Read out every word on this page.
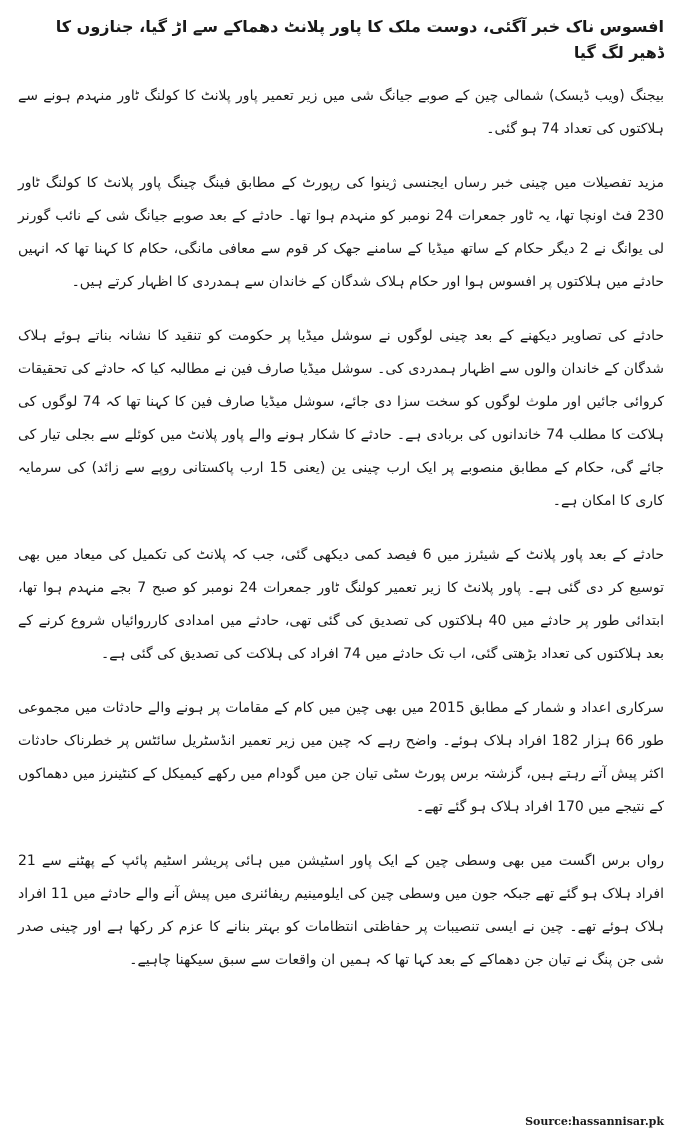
افسوس ناک خبر آگئی، دوست ملک کا پاور پلانٹ دھماکے سے اڑ گیا، جنازوں کا ڈھیر لگ گیا

بیجنگ (ویب ڈیسک) شمالی چین کے صوبے جیانگ شی میں زیر تعمیر پاور پلانٹ کا کولنگ ٹاور منہدم ہونے سے ہلاکتوں کی تعداد 74 ہو گئی۔

مزید تفصیلات میں چینی خبر رساں ایجنسی ژینوا کی رپورٹ کے مطابق فینگ چینگ پاور پلانٹ کا کولنگ ٹاور 230 فٹ اونچا تھا، یہ ٹاور جمعرات 24 نومبر کو منہدم ہوا تھا۔ حادثے کے بعد صوبے جیانگ شی کے نائب گورنر لی یوانگ نے 2 دیگر حکام کے ساتھ میڈیا کے سامنے جھک کر قوم سے معافی مانگی، حکام کا کہنا تھا کہ انہیں حادثے میں ہلاکتوں پر افسوس ہوا اور حکام ہلاک شدگان کے خاندان سے ہمدردی کا اظہار کرتے ہیں۔

حادثے کی تصاویر دیکھنے کے بعد چینی لوگوں نے سوشل میڈیا پر حکومت کو تنقید کا نشانہ بناتے ہوئے ہلاک شدگان کے خاندان والوں سے اظہار ہمدردی کی۔ سوشل میڈیا صارف فین نے مطالبہ کیا کہ حادثے کی تحقیقات کروائی جائیں اور ملوث لوگوں کو سخت سزا دی جائے، سوشل میڈیا صارف فین کا کہنا تھا کہ 74 لوگوں کی ہلاکت کا مطلب 74 خاندانوں کی بربادی ہے۔ حادثے کا شکار ہونے والے پاور پلانٹ میں کوئلے سے بجلی تیار کی جائے گی، حکام کے مطابق منصوبے پر ایک ارب چینی ین (یعنی 15 ارب پاکستانی روپے سے زائد) کی سرمایہ کاری کا امکان ہے۔

حادثے کے بعد پاور پلانٹ کے شیئرز میں 6 فیصد کمی دیکھی گئی، جب کہ پلانٹ کی تکمیل کی میعاد میں بھی توسیع کر دی گئی ہے۔ پاور پلانٹ کا زیر تعمیر کولنگ ٹاور جمعرات 24 نومبر کو صبح 7 بجے منہدم ہوا تھا، ابتدائی طور پر حادثے میں 40 ہلاکتوں کی تصدیق کی گئی تھی، حادثے میں امدادی کارروائیاں شروع کرنے کے بعد ہلاکتوں کی تعداد بڑھتی گئی، اب تک حادثے میں 74 افراد کی ہلاکت کی تصدیق کی گئی ہے۔

سرکاری اعداد و شمار کے مطابق 2015 میں بھی چین میں کام کے مقامات پر ہونے والے حادثات میں مجموعی طور 66 ہزار 182 افراد ہلاک ہوئے۔ واضح رہے کہ چین میں زیر تعمیر انڈسٹریل سائٹس پر خطرناک حادثات اکثر پیش آتے رہتے ہیں، گزشتہ برس پورٹ سٹی تیان جن میں گودام میں رکھے کیمیکل کے کنٹینرز میں دھماکوں کے نتیجے میں 170 افراد ہلاک ہو گئے تھے۔

رواں برس اگست میں بھی وسطی چین کے ایک پاور اسٹیشن میں ہائی پریشر اسٹیم پائپ کے پھٹنے سے 21 افراد ہلاک ہو گئے تھے جبکہ جون میں وسطی چین کی ایلومینیم ریفائنری میں پیش آنے والے حادثے میں 11 افراد ہلاک ہوئے تھے۔ چین نے ایسی تنصیبات پر حفاظتی انتظامات کو بہتر بنانے کا عزم کر رکھا ہے اور چینی صدر شی جن پنگ نے تیان جن دھماکے کے بعد کہا تھا کہ ہمیں ان واقعات سے سبق سیکھنا چاہیے۔

Source:hassannisar.pk
